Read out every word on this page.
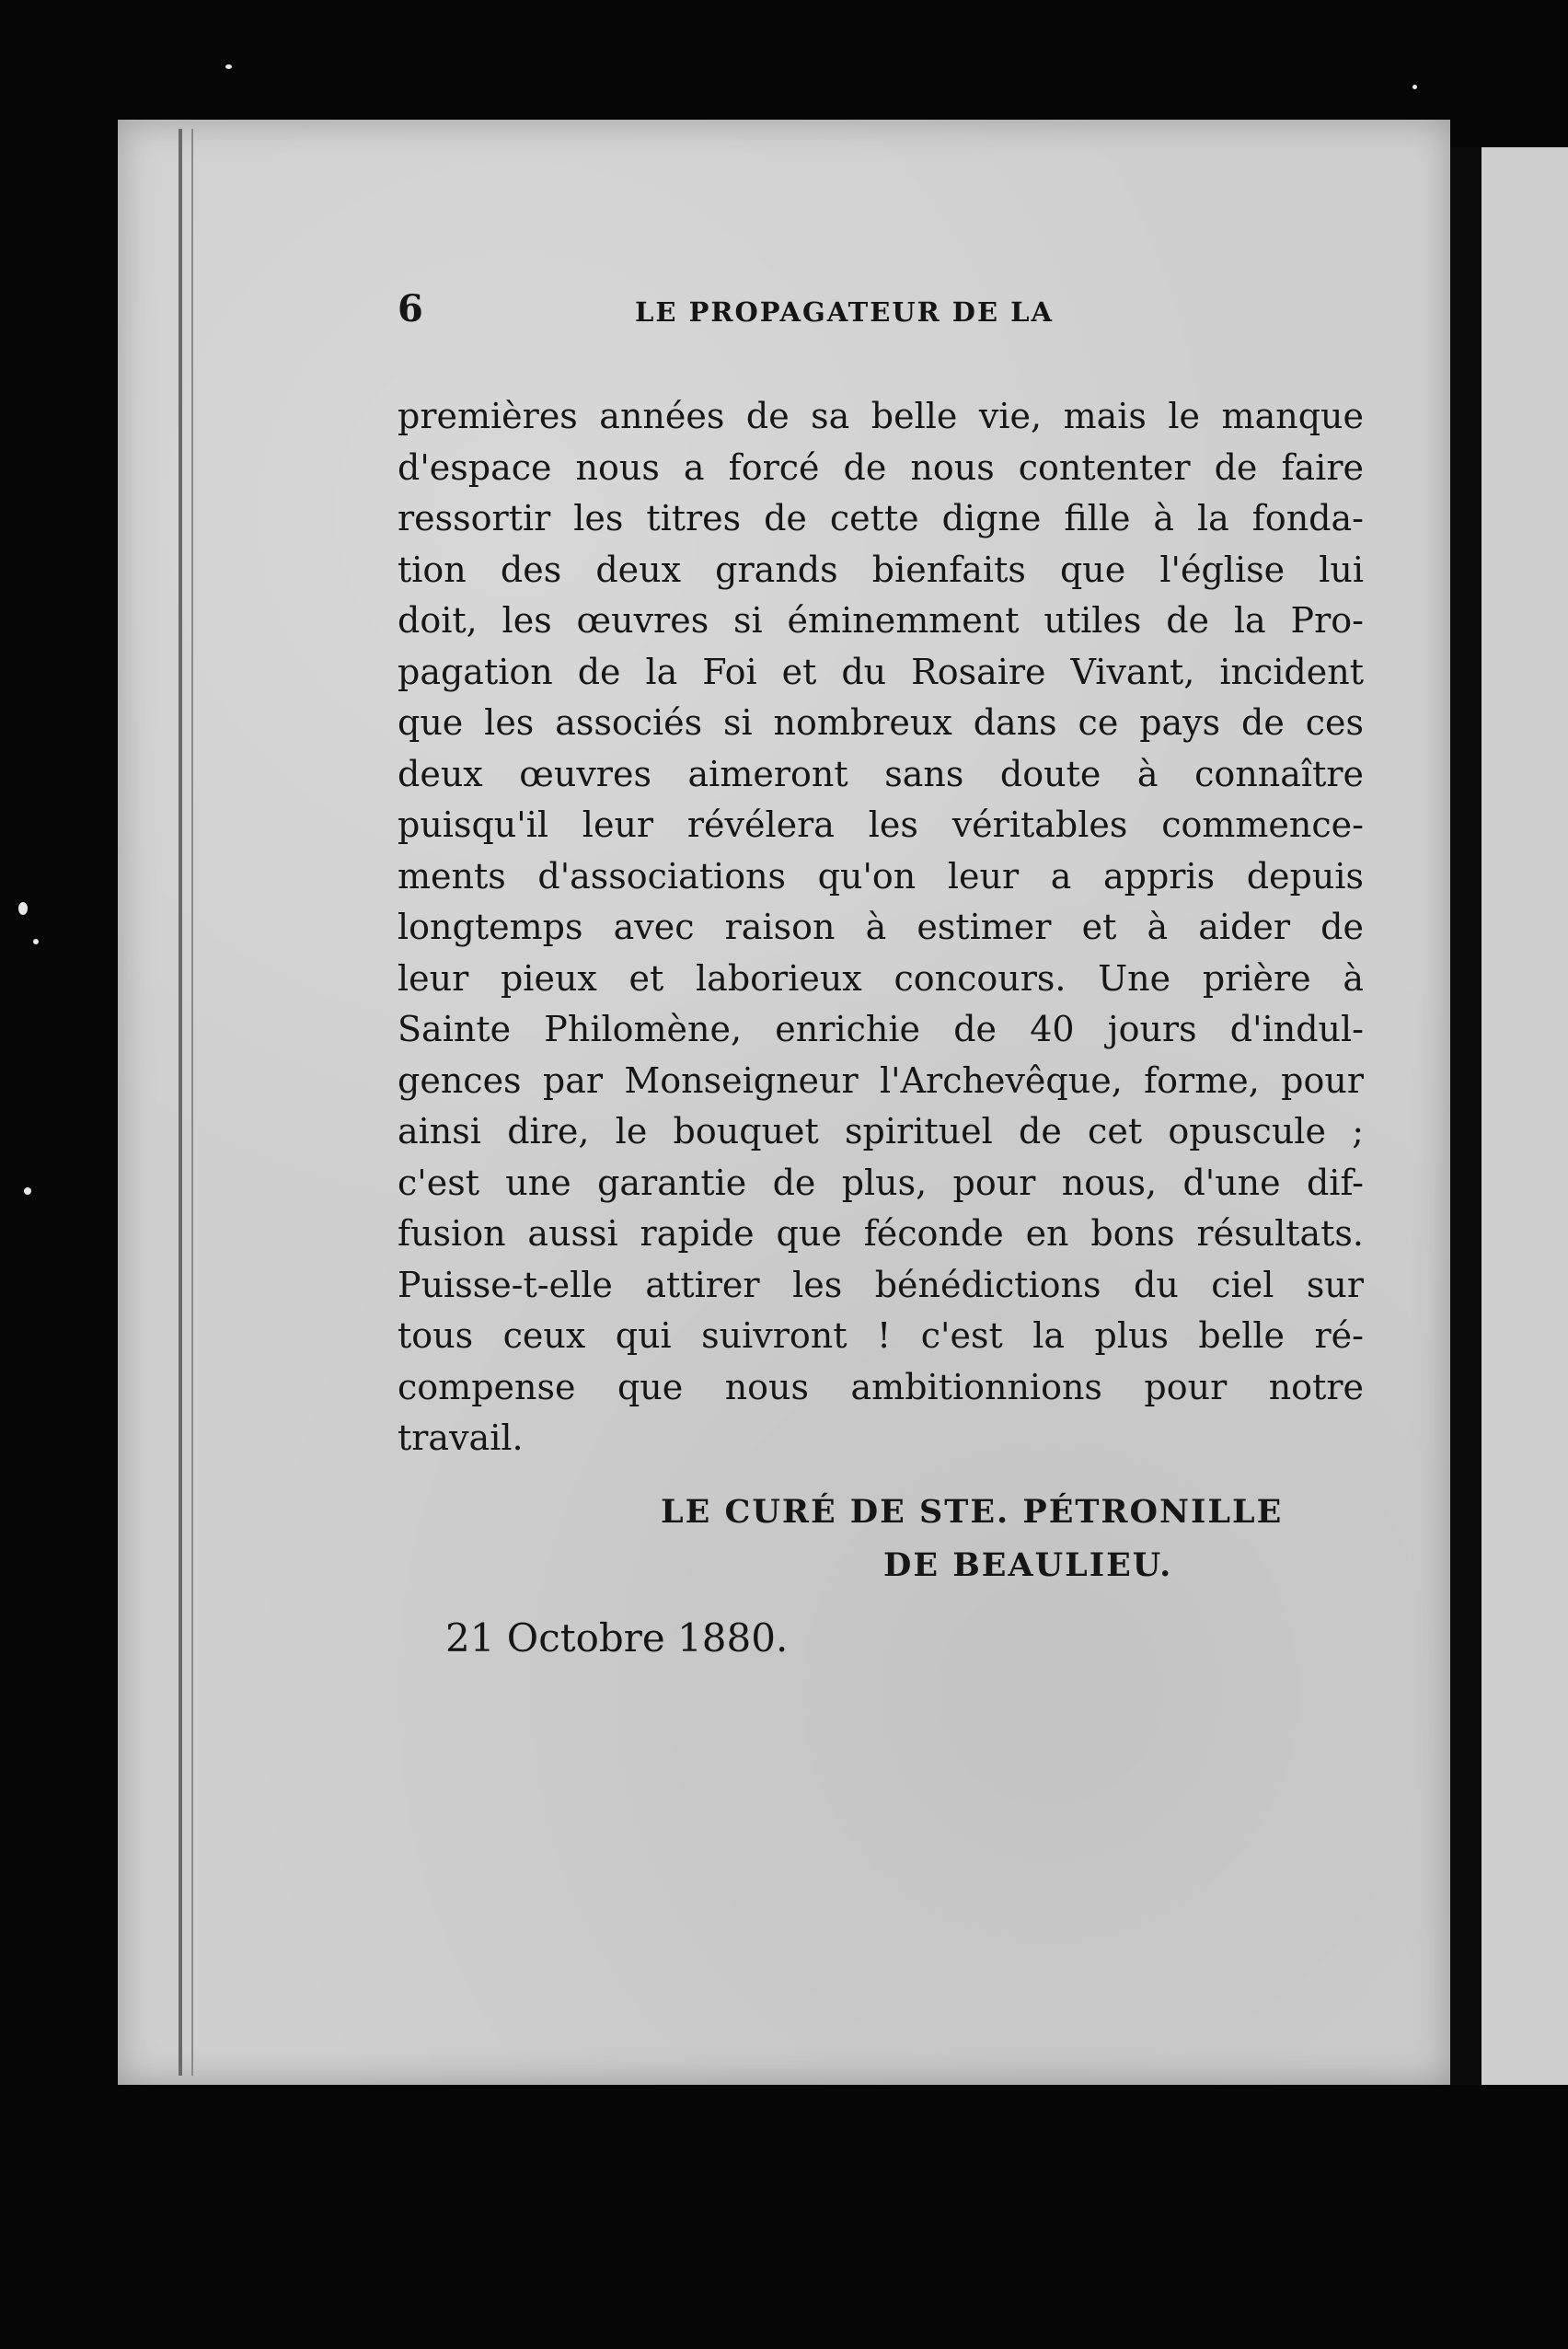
6	LE PROPAGATEUR DE LA
premières années de sa belle vie, mais le manque
d'espace nous a forcé de nous contenter de faire
ressortir les titres de cette digne fille à la fonda-
tion des deux grands bienfaits que l'église lui
doit, les œuvres si éminemment utiles de la Pro-
pagation de la Foi et du Rosaire Vivant, incident
que les associés si nombreux dans ce pays de ces
deux œuvres aimeront sans doute à connaître
puisqu'il leur révélera les véritables commence-
ments d'associations qu'on leur a appris depuis
longtemps avec raison à estimer et à aider de
leur pieux et laborieux concours. Une prière à
Sainte Philomène, enrichie de 40 jours d'indul-
gences par Monseigneur l'Archevêque, forme, pour
ainsi dire, le bouquet spirituel de cet opuscule ;
c'est une garantie de plus, pour nous, d'une dif-
fusion aussi rapide que féconde en bons résultats.
Puisse-t-elle attirer les bénédictions du ciel sur
tous ceux qui suivront ! c'est la plus belle ré-
compense que nous ambitionnions pour notre
travail.
LE CURÉ DE STE. PÉTRONILLE
DE BEAULIEU.
21 Octobre 1880.
